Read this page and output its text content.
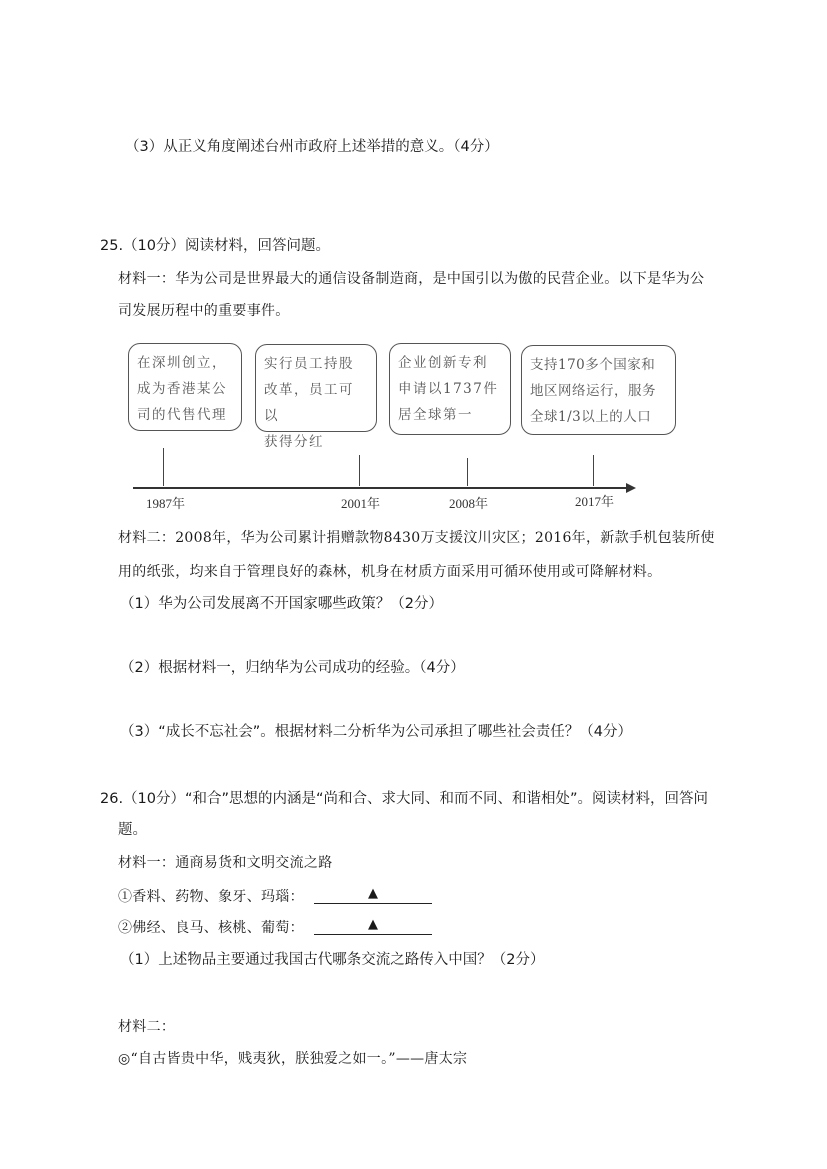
（3）从正义角度阐述台州市政府上述举措的意义。（4分）
25.（10分）阅读材料，回答问题。
材料一：华为公司是世界最大的通信设备制造商，是中国引以为傲的民营企业。以下是华为公
司发展历程中的重要事件。
在深圳创立，
成为香港某公
司的代售代理
实行员工持股
改革，员工可以
获得分红
企业创新专利
申请以1737件
居全球第一
支持170多个国家和
地区网络运行，服务
全球1/3以上的人口
1987年	2001年	2008年	2017年
材料二：2008年，华为公司累计捐赠款物8430万支援汶川灾区；2016年，新款手机包装所使
用的纸张，均来自于管理良好的森林，机身在材质方面采用可循环使用或可降解材料。
（1）华为公司发展离不开国家哪些政策？（2分）
（2）根据材料一，归纳华为公司成功的经验。（4分）
（3）“成长不忘社会”。根据材料二分析华为公司承担了哪些社会责任？（4分）
26.（10分）“和合”思想的内涵是“尚和合、求大同、和而不同、和谐相处”。阅读材料，回答问
题。
材料一：通商易货和文明交流之路
①香料、药物、象牙、玛瑙：	▲
②佛经、良马、核桃、葡萄：	▲
（1）上述物品主要通过我国古代哪条交流之路传入中国？（2分）
材料二：
◎“自古皆贵中华，贱夷狄，朕独爱之如一。”——唐太宗
